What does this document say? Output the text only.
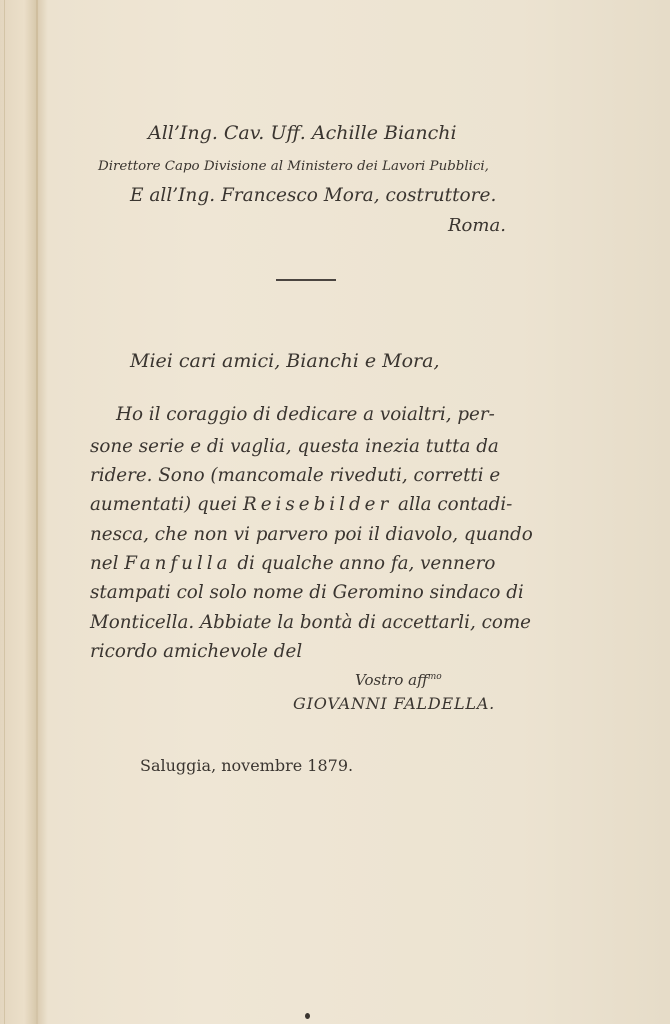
All’Ing. Cav. Uff. Achille Bianchi
Direttore Capo Divisione al Ministero dei Lavori Pubblici,
E all’Ing. Francesco Mora, costruttore.
Roma.
Miei cari amici, Bianchi e Mora,
Ho il coraggio di dedicare a voialtri, per-
sone serie e di vaglia, questa inezia tutta da
ridere. Sono (mancomale riveduti, corretti e
aumentati) quei Reisebilder alla contadi-
nesca, che non vi parvero poi il diavolo, quando
nel Fanfulla di qualche anno fa, vennero
stampati col solo nome di Geromino sindaco di
Monticella. Abbiate la bontà di accettarli, come
ricordo amichevole del
Vostro aff$^{mo}$
GIOVANNI FALDELLA.
Saluggia, novembre 1879.
